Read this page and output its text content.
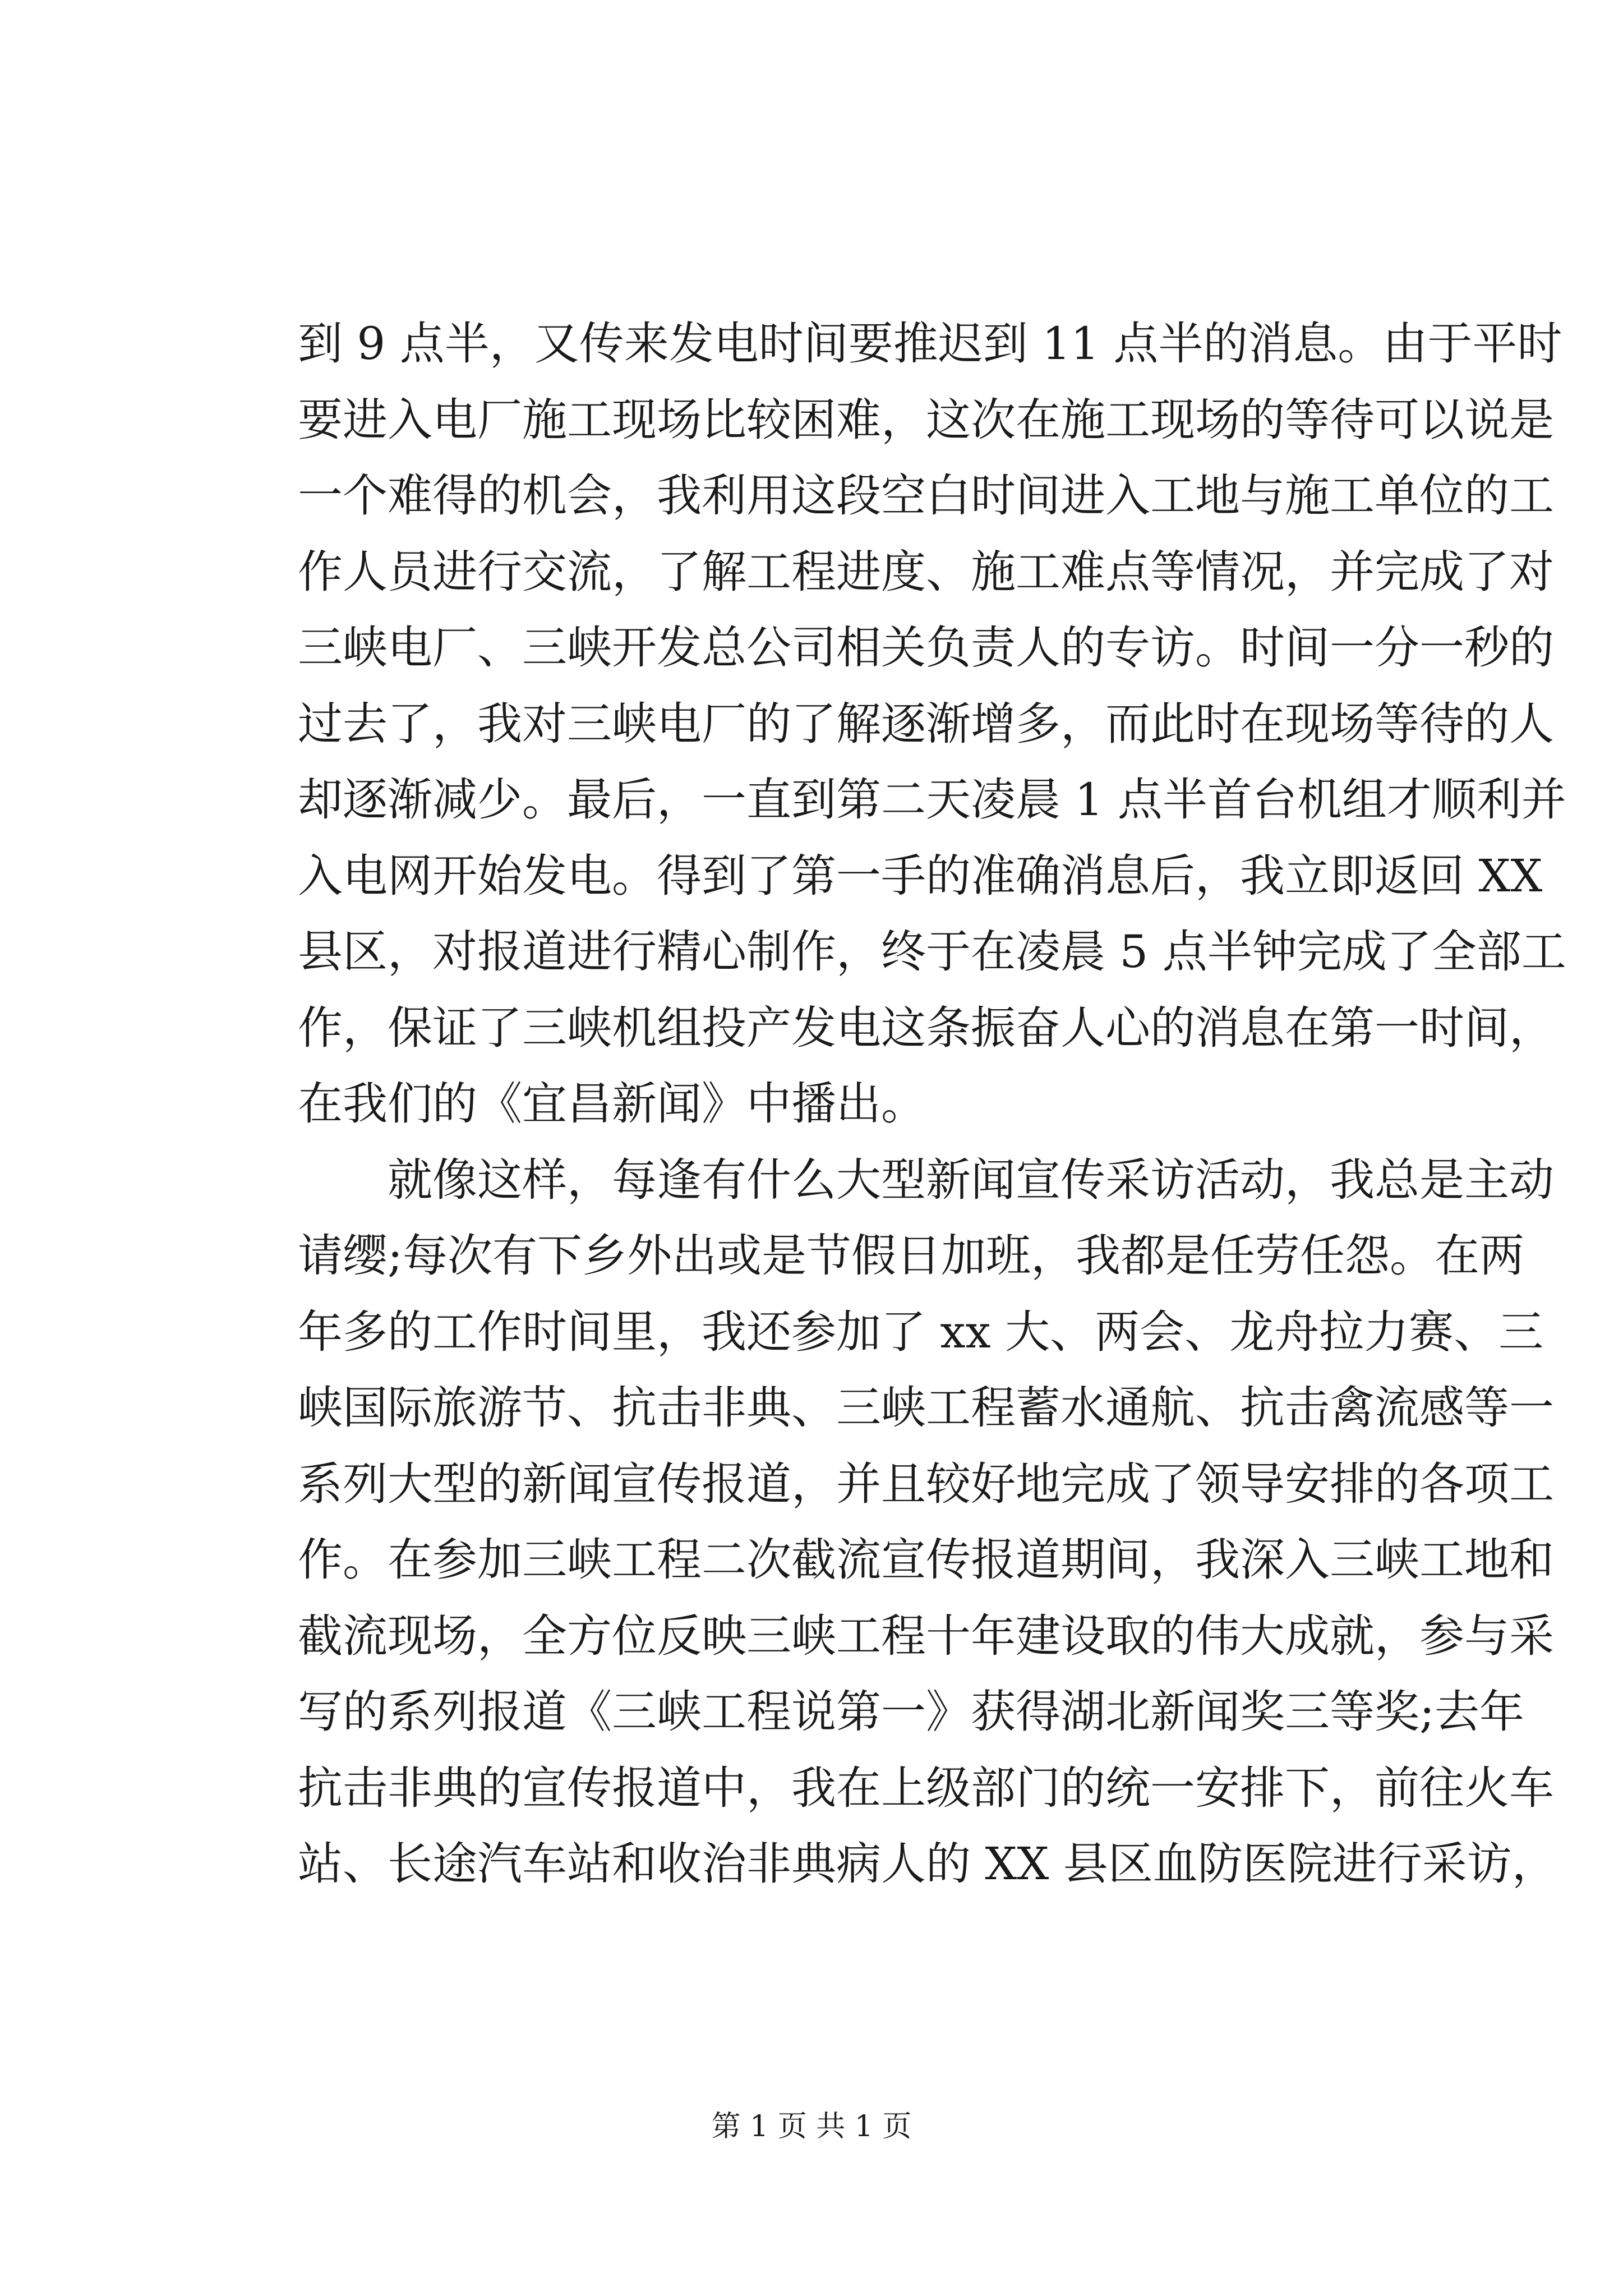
到 9 点半，又传来发电时间要推迟到 11 点半的消息。由于平时
要进入电厂施工现场比较困难，这次在施工现场的等待可以说是
一个难得的机会，我利用这段空白时间进入工地与施工单位的工
作人员进行交流，了解工程进度、施工难点等情况，并完成了对
三峡电厂、三峡开发总公司相关负责人的专访。时间一分一秒的
过去了，我对三峡电厂的了解逐渐增多，而此时在现场等待的人
却逐渐减少。最后，一直到第二天凌晨 1 点半首台机组才顺利并
入电网开始发电。得到了第一手的准确消息后，我立即返回 XX
县区，对报道进行精心制作，终于在凌晨 5 点半钟完成了全部工
作，保证了三峡机组投产发电这条振奋人心的消息在第一时间，
在我们的《宜昌新闻》中播出。
就像这样，每逢有什么大型新闻宣传采访活动，我总是主动
请缨;每次有下乡外出或是节假日加班，我都是任劳任怨。在两
年多的工作时间里，我还参加了 xx 大、两会、龙舟拉力赛、三
峡国际旅游节、抗击非典、三峡工程蓄水通航、抗击禽流感等一
系列大型的新闻宣传报道，并且较好地完成了领导安排的各项工
作。在参加三峡工程二次截流宣传报道期间，我深入三峡工地和
截流现场，全方位反映三峡工程十年建设取的伟大成就，参与采
写的系列报道《三峡工程说第一》获得湖北新闻奖三等奖;去年
抗击非典的宣传报道中，我在上级部门的统一安排下，前往火车
站、长途汽车站和收治非典病人的 XX 县区血防医院进行采访，
第 1 页 共 1 页
